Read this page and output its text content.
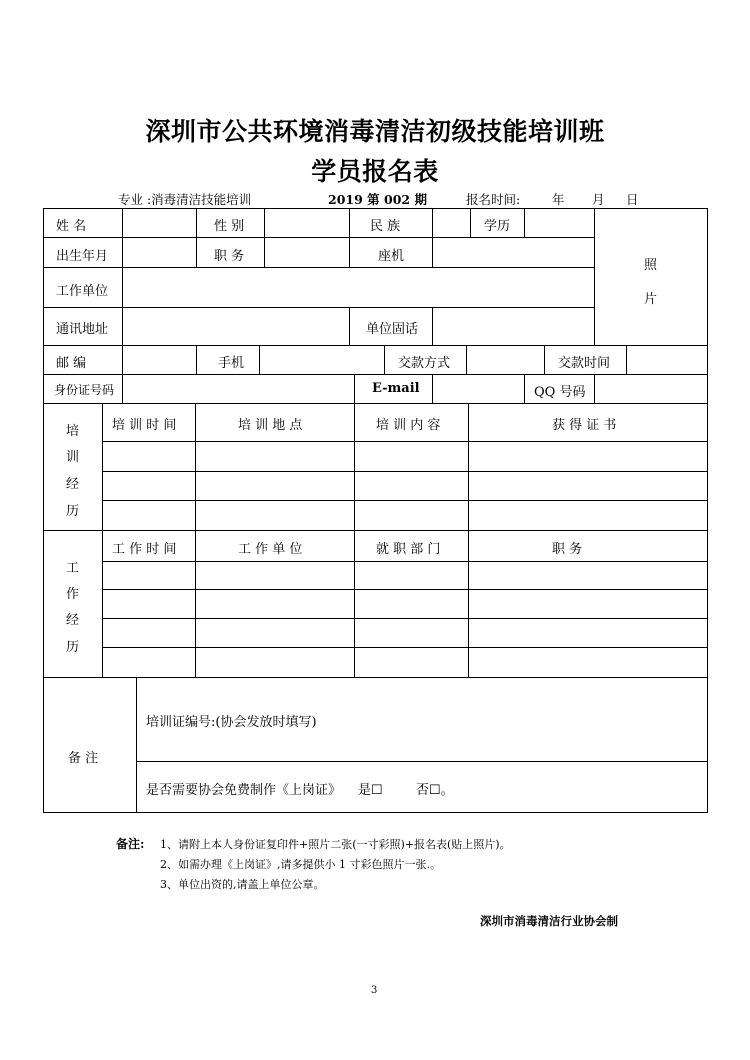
深圳市公共环境消毒清洁初级技能培训班
学员报名表
专业 :消毒清洁技能培训	2019 第 002 期	报名时间:	年 月 日
姓 名	性 别	民 族	学历
出生年月	职 务	座机
照
片
工作单位
通讯地址	单位固话
邮 编	手机	交款方式	交款时间
身份证号码	E-mail	QQ 号码
培
训
经
历
培 训 时 间	培 训 地 点	培 训 内 容	获 得 证 书
工
作
经
历
工 作 时 间	工 作 单 位	就 职 部 门	职 务
备 注
培训证编号:(协会发放时填写)
是否需要协会免费制作《上岗证》 是☐	否☐。
备注: 1、请附上本人身份证复印件+照片二张(一寸彩照)+报名表(贴上照片)。
2、如需办理《上岗证》,请多提供小 1 寸彩色照片一张.。
3、单位出资的,请盖上单位公章。
深圳市消毒清洁行业协会制
3
